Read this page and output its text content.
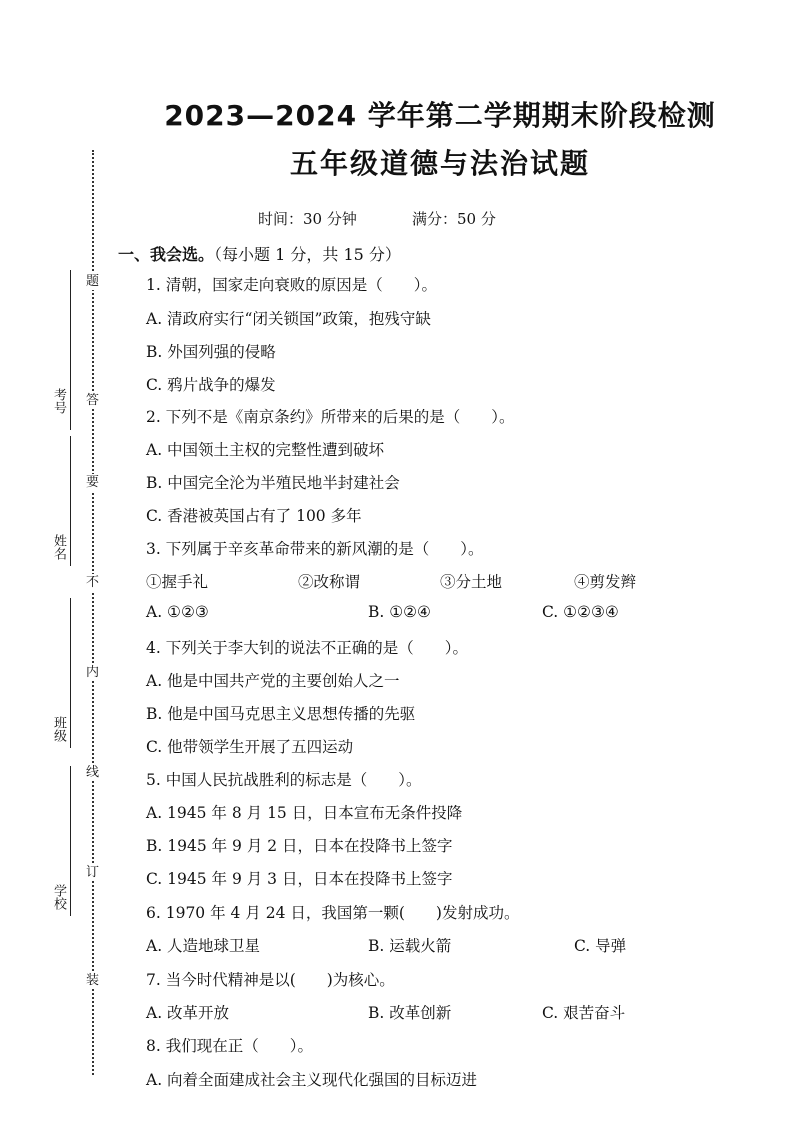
考号
姓名
班级
学校
题
答
要
不
内
线
订
装
2023—2024 学年第二学期期末阶段检测
五年级道德与法治试题
时间：30 分钟	满分：50 分
一、我会选。（每小题 1 分，共 15 分）
1. 清朝，国家走向衰败的原因是（　　）。
A. 清政府实行“闭关锁国”政策，抱残守缺
B. 外国列强的侵略
C. 鸦片战争的爆发
2. 下列不是《南京条约》所带来的后果的是（　　）。
A. 中国领土主权的完整性遭到破坏
B. 中国完全沦为半殖民地半封建社会
C. 香港被英国占有了 100 多年
3. 下列属于辛亥革命带来的新风潮的是（　　）。
①握手礼	②改称谓	③分土地	④剪发辫
A. ①②③	B. ①②④	C. ①②③④
4. 下列关于李大钊的说法不正确的是（　　）。
A. 他是中国共产党的主要创始人之一
B. 他是中国马克思主义思想传播的先驱
C. 他带领学生开展了五四运动
5. 中国人民抗战胜利的标志是（　　）。
A. 1945 年 8 月 15 日，日本宣布无条件投降
B. 1945 年 9 月 2 日，日本在投降书上签字
C. 1945 年 9 月 3 日，日本在投降书上签字
6. 1970 年 4 月 24 日，我国第一颗(　　)发射成功。
A. 人造地球卫星	B. 运载火箭	C. 导弹
7. 当今时代精神是以(　　)为核心。
A. 改革开放	B. 改革创新	C. 艰苦奋斗
8. 我们现在正（　　）。
A. 向着全面建成社会主义现代化强国的目标迈进
